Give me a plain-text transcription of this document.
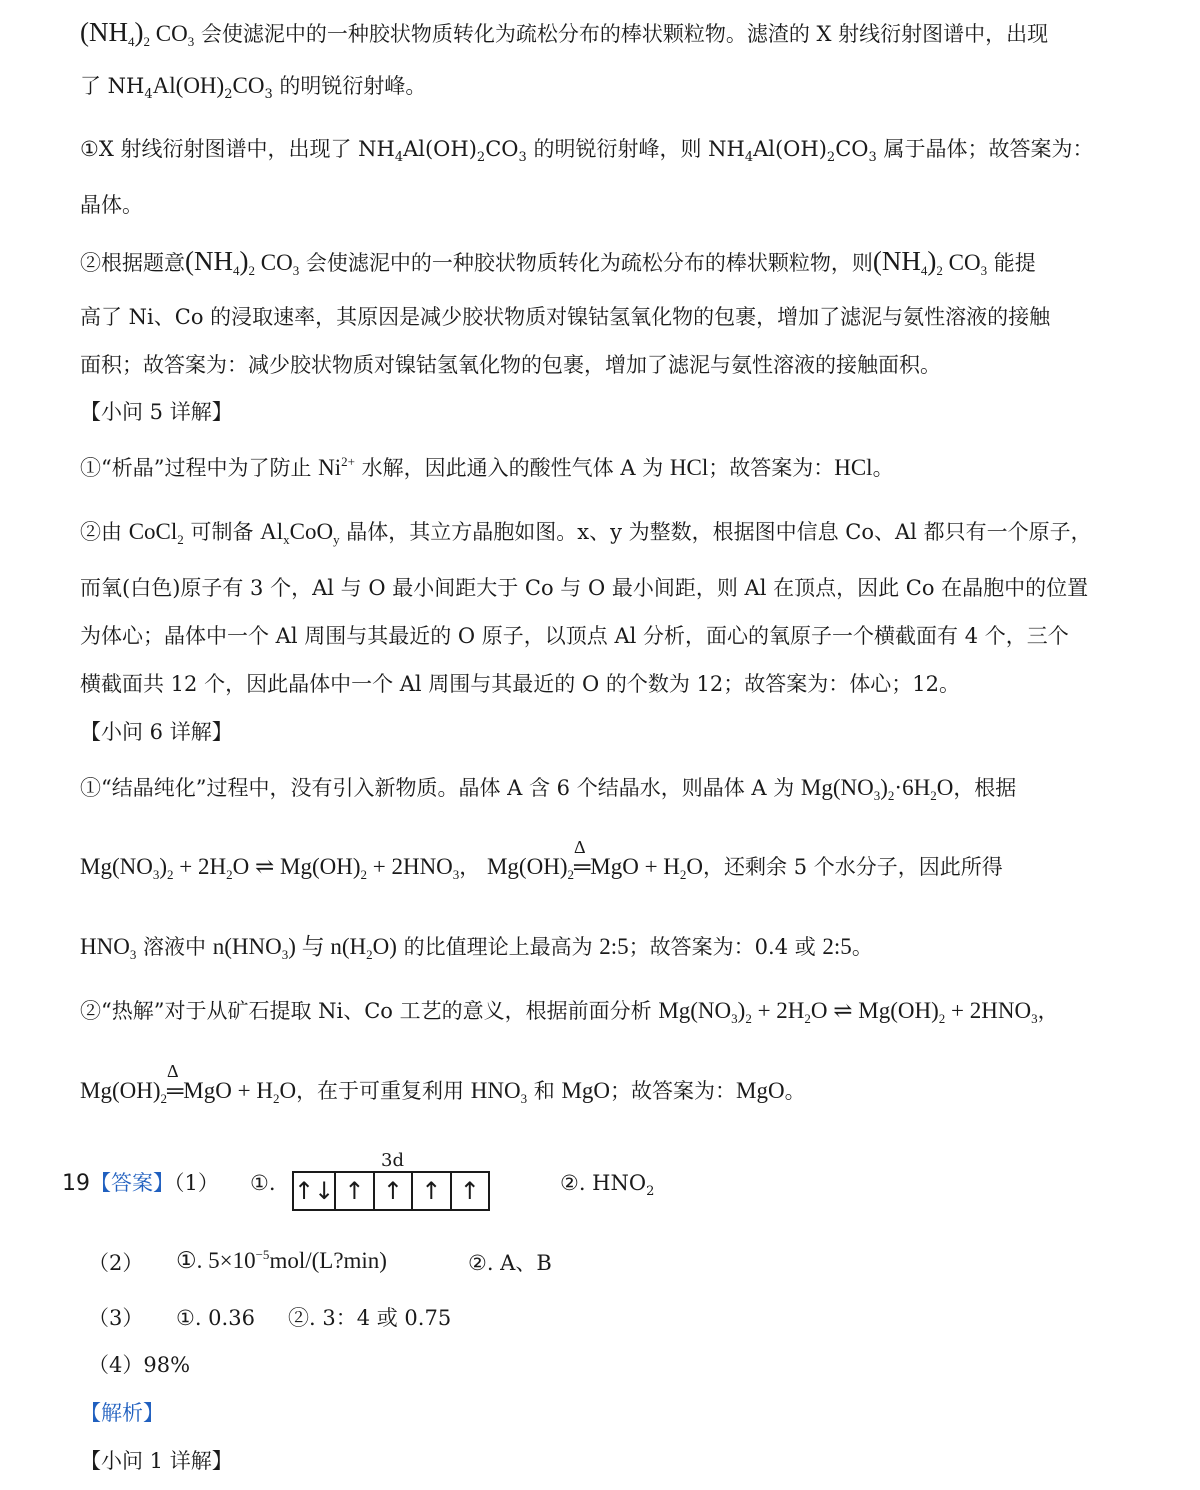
$(NH_4)_2$ $CO_3$ 会使滤泥中的一种胶状物质转化为疏松分布的棒状颗粒物。滤渣的 X 射线衍射图谱中，出现
了 $NH_4Al(OH)_2CO_3$ 的明锐衍射峰。
①X 射线衍射图谱中，出现了 $NH_4Al(OH)_2CO_3$ 的明锐衍射峰，则 $NH_4Al(OH)_2CO_3$ 属于晶体；故答案为：
晶体。
②根据题意$(NH_4)_2$ $CO_3$ 会使滤泥中的一种胶状物质转化为疏松分布的棒状颗粒物，则$(NH_4)_2$ $CO_3$ 能提
高了 Ni、Co 的浸取速率，其原因是减少胶状物质对镍钴氢氧化物的包裹，增加了滤泥与氨性溶液的接触
面积；故答案为：减少胶状物质对镍钴氢氧化物的包裹，增加了滤泥与氨性溶液的接触面积。
【小问 5 详解】
①“析晶”过程中为了防止 $Ni^{2+}$ 水解，因此通入的酸性气体 A 为 HCl；故答案为：HCl。
②由 CoCl$_2$ 可制备 $Al_xCoO_y$ 晶体，其立方晶胞如图。x、y 为整数，根据图中信息 Co、Al 都只有一个原子，
而氧(白色)原子有 3 个，Al 与 O 最小间距大于 Co 与 O 最小间距，则 Al 在顶点，因此 Co 在晶胞中的位置
为体心；晶体中一个 Al 周围与其最近的 O 原子，以顶点 Al 分析，面心的氧原子一个横截面有 4 个，三个
横截面共 12 个，因此晶体中一个 Al 周围与其最近的 O 的个数为 12；故答案为：体心；12。
【小问 6 详解】
①“结晶纯化”过程中，没有引入新物质。晶体 A 含 6 个结晶水，则晶体 A 为 $Mg(NO_3)_2\cdot 6H_2O$，根据
$Mg(NO_3)_2 + 2H_2O$ ⇌ $Mg(OH)_2 + 2HNO_3$， $Mg(OH)_2$
Δ
═MgO + $H_2O$，还剩余 5 个水分子，因此所得
$HNO_3$ 溶液中 $n(HNO_3)$ 与 $n(H_2O)$ 的比值理论上最高为 2:5；故答案为：0.4 或 2:5。
②“热解”对于从矿石提取 Ni、Co 工艺的意义，根据前面分析 $Mg(NO_3)_2 + 2H_2O$ ⇌ $Mg(OH)_2 + 2HNO_3$，
$Mg(OH)_2$
Δ
═MgO + $H_2O$，在于可重复利用 $HNO_3$ 和 MgO；故答案为：MgO。
19【答案】（1） ①.
3d
↑↓ ↑ ↑ ↑ ↑	②. $HNO_2$
（2） ①. $5\times 10^{-5}mol/(L?\min)$	②. A、B
（3） ①. 0.36 ②. 3：4 或 0.75
（4）98%
【解析】
【小问 1 详解】
